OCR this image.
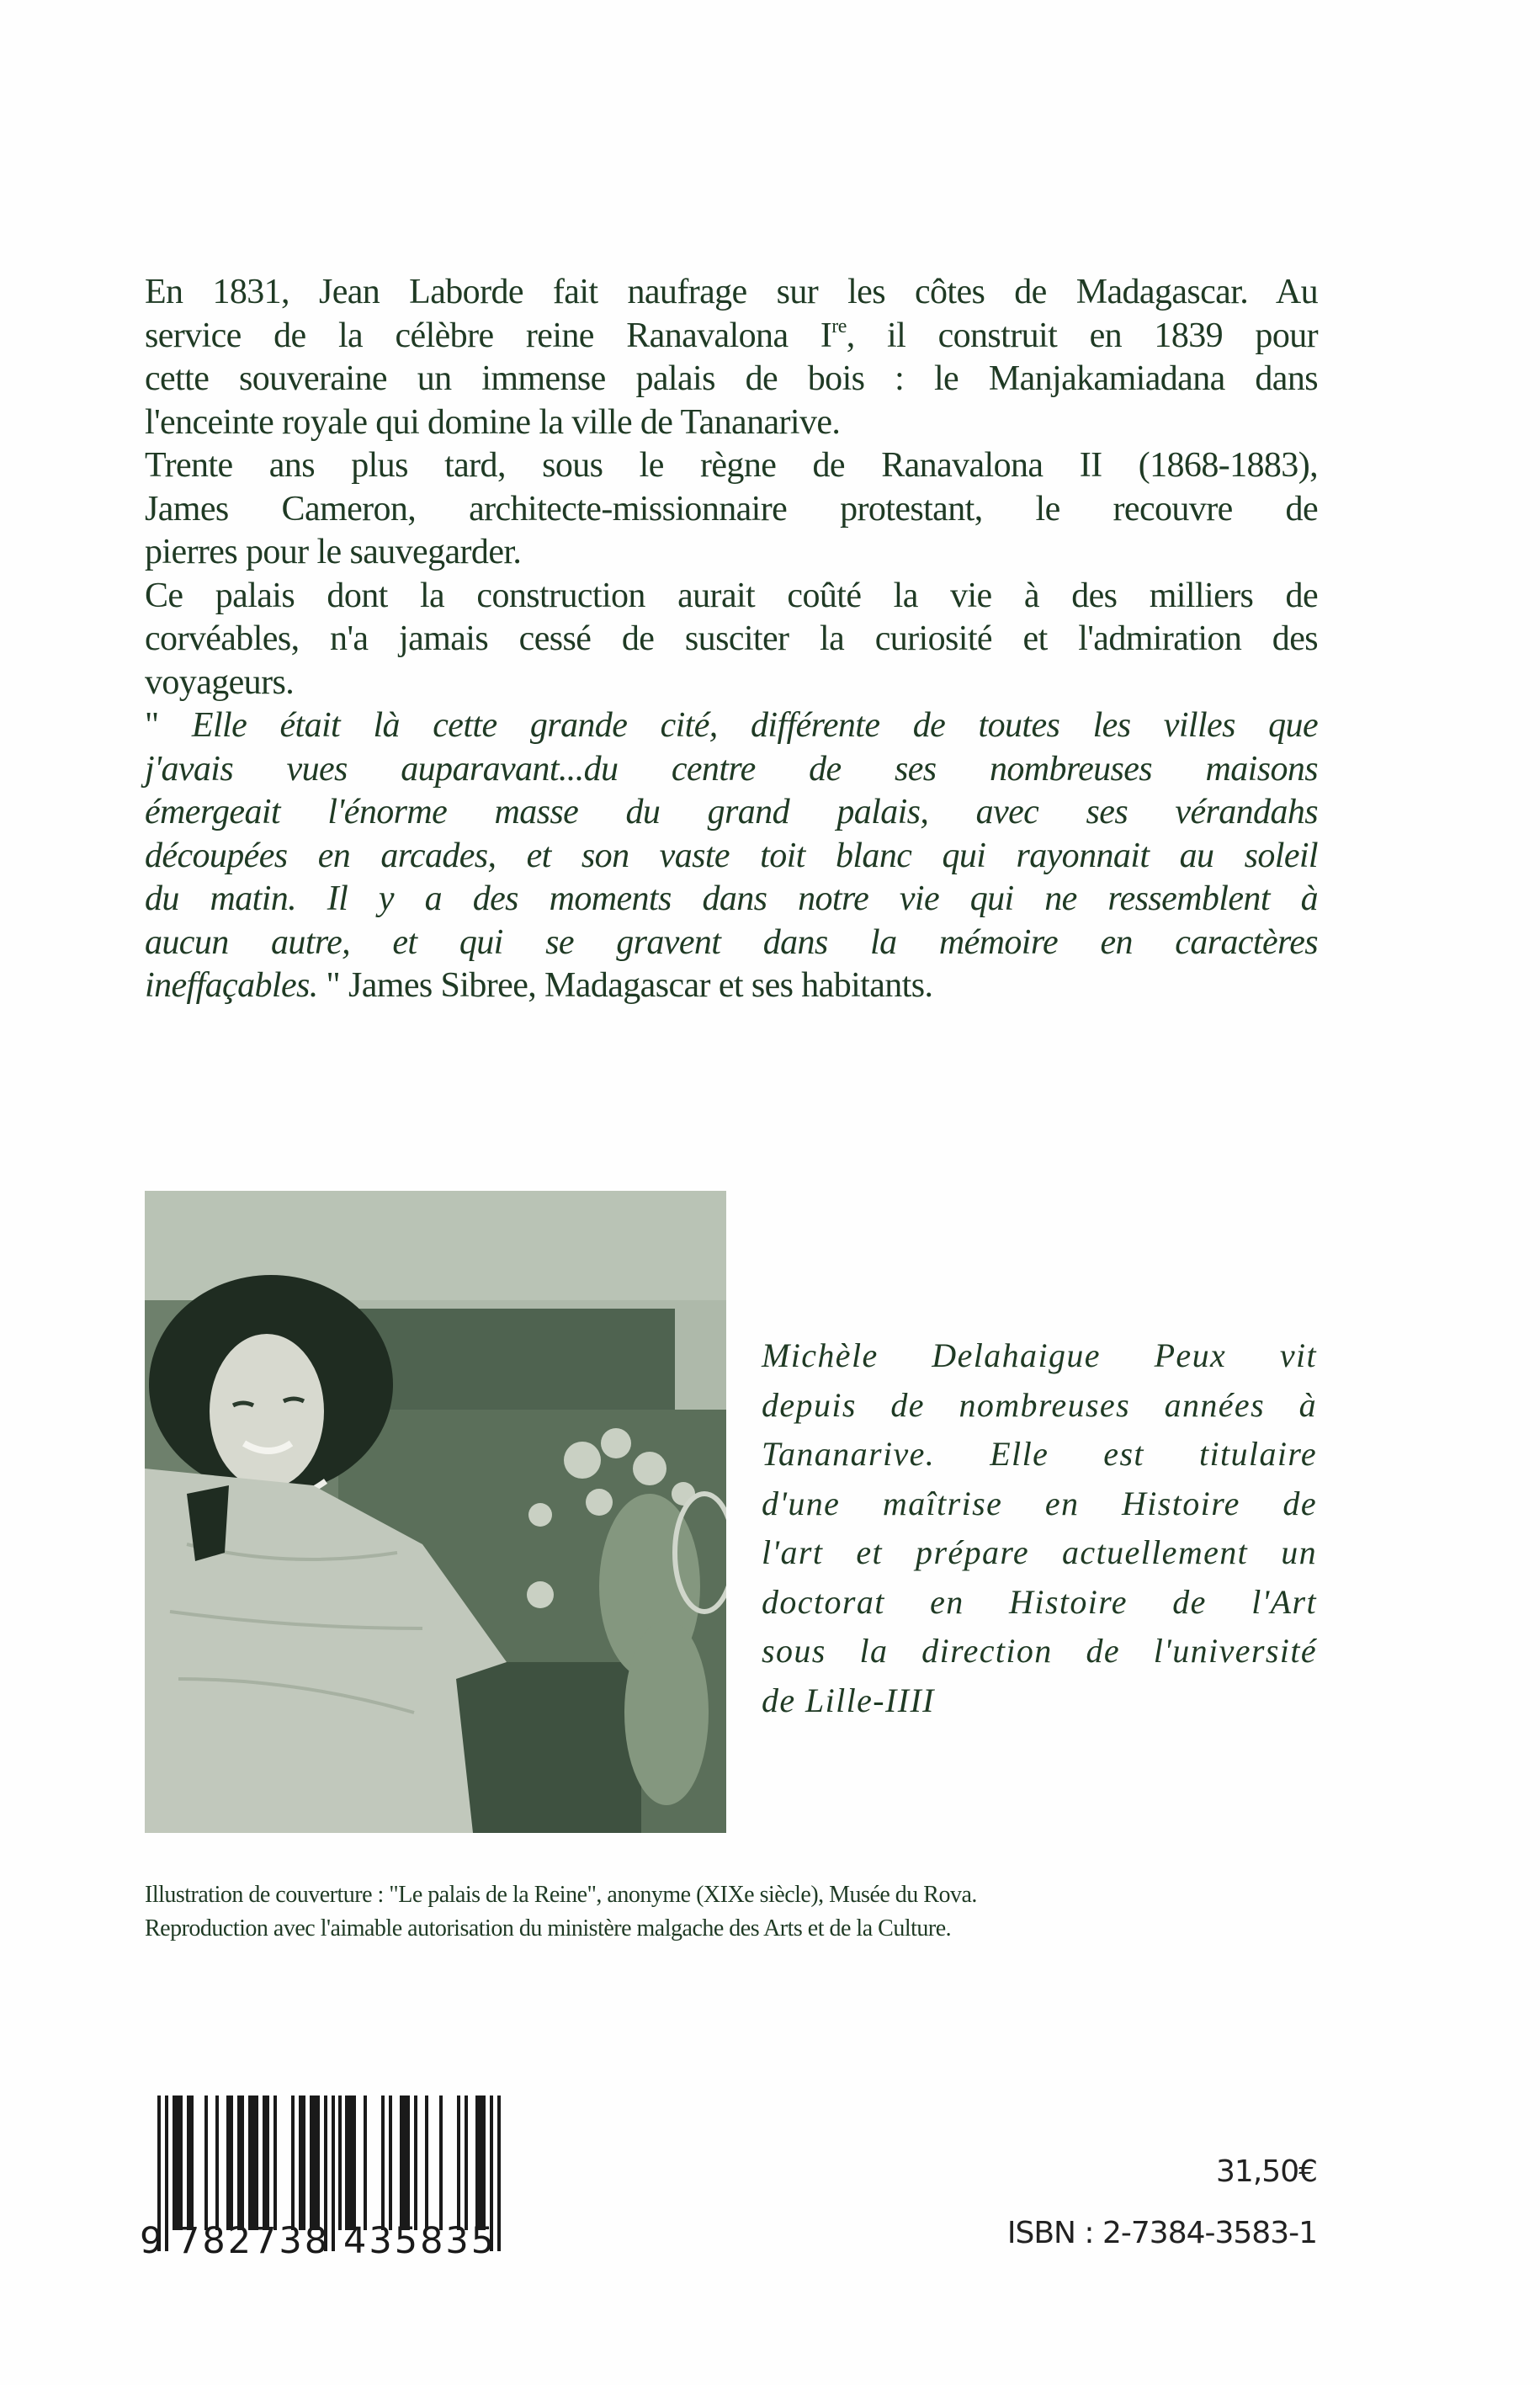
En 1831, Jean Laborde fait naufrage sur les côtes de Madagascar. Au
service de la célèbre reine Ranavalona Ire, il construit en 1839 pour
cette souveraine un immense palais de bois : le Manjakamiadana dans
l'enceinte royale qui domine la ville de Tananarive.

Trente ans plus tard, sous le règne de Ranavalona II (1868-1883),
James Cameron, architecte-missionnaire protestant, le recouvre de
pierres pour le sauvegarder.

Ce palais dont la construction aurait coûté la vie à des milliers de
corvéables, n'a jamais cessé de susciter la curiosité et l'admiration des
voyageurs.

" Elle était là cette grande cité, différente de toutes les villes que
j'avais vues auparavant...du centre de ses nombreuses maisons
émergeait l'énorme masse du grand palais, avec ses vérandahs
découpées en arcades, et son vaste toit blanc qui rayonnait au soleil
du matin. Il y a des moments dans notre vie qui ne ressemblent à
aucun autre, et qui se gravent dans la mémoire en caractères
ineffaçables. " James Sibree, Madagascar et ses habitants.

Michèle Delahaigue Peux vit
depuis de nombreuses années à
Tananarive. Elle est titulaire
d'une maîtrise en Histoire de
l'art et prépare actuellement un
doctorat en Histoire de l'Art
sous la direction de l'université
de Lille-IIII
Illustration de couverture : "Le palais de la Reine", anonyme (XIXe siècle), Musée du Rova.
Reproduction avec l'aimable autorisation du ministère malgache des Arts et de la Culture.
9 782738 435835
31,50€
ISBN : 2-7384-3583-1
